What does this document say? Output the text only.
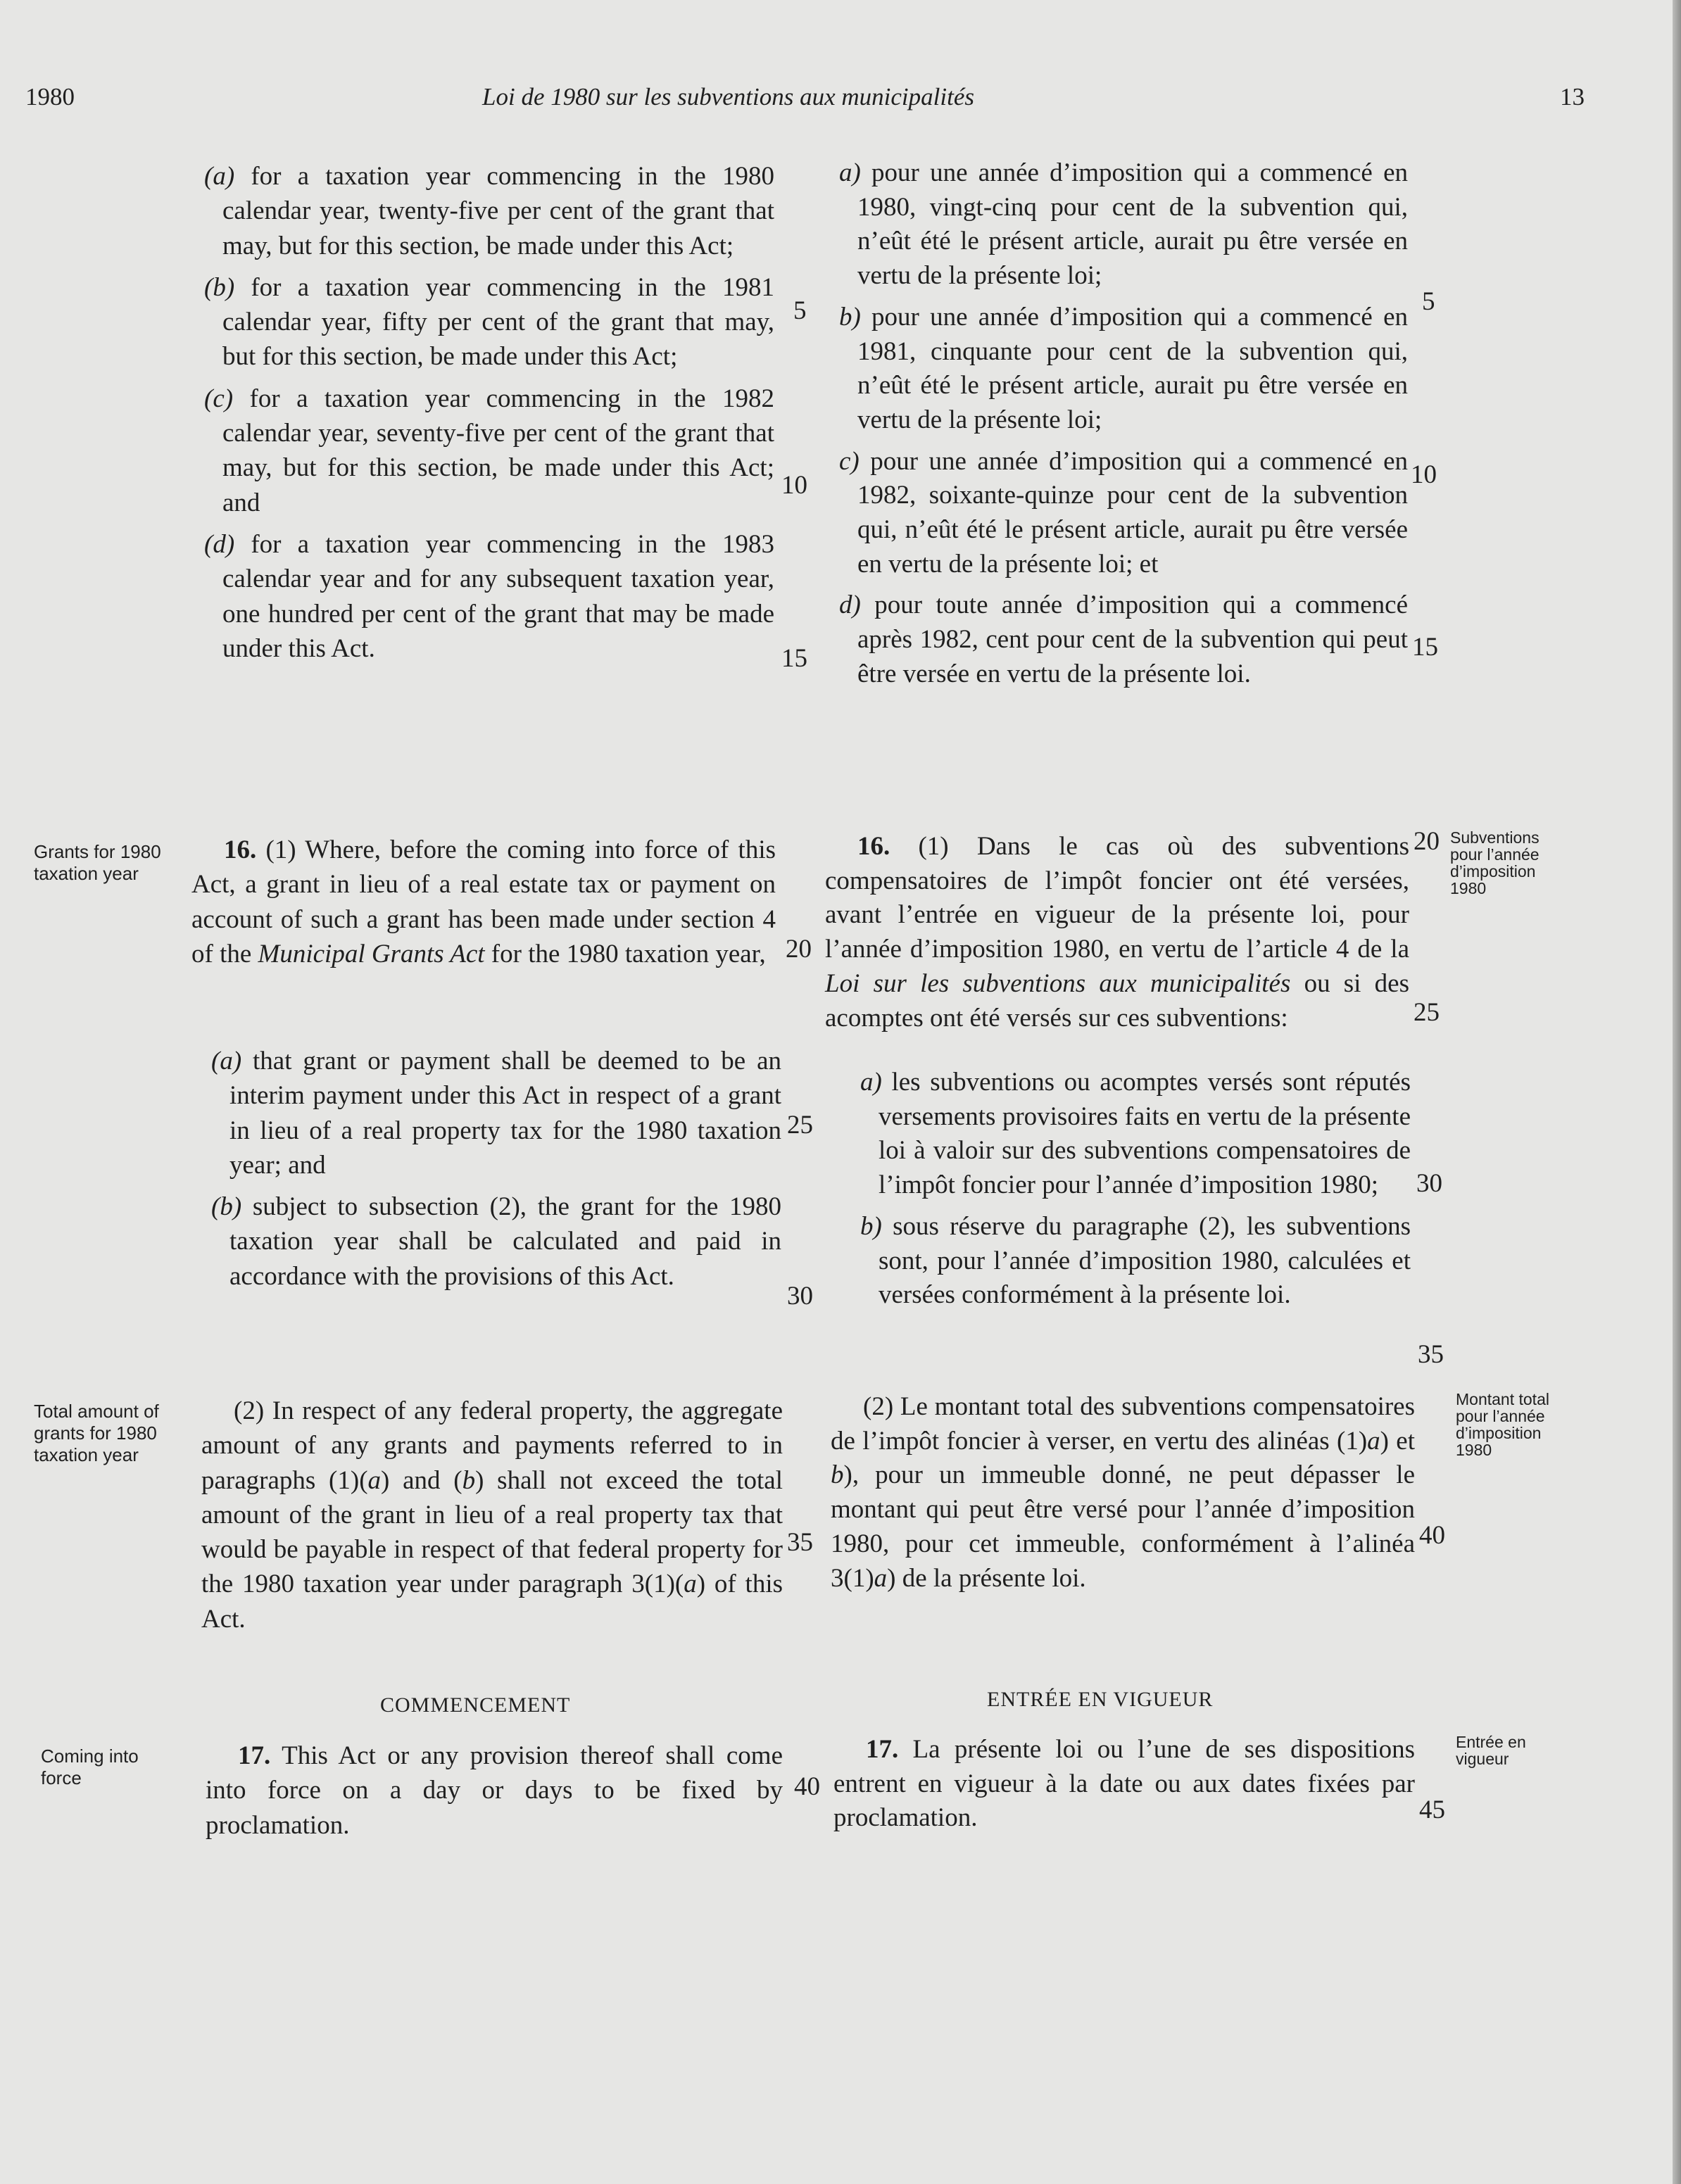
1980	Loi de 1980 sur les subventions aux municipalités	13

(a) for a taxation year commencing in the 1980 calendar year, twenty-five per cent of the grant that may, but for this section, be made under this Act;

(b) for a taxation year commencing in the 1981 calendar year, fifty per cent of the grant that may, but for this section, be made under this Act;

(c) for a taxation year commencing in the 1982 calendar year, seventy-five per cent of the grant that may, but for this section, be made under this Act; and

(d) for a taxation year commencing in the 1983 calendar year and for any subsequent taxation year, one hundred per cent of the grant that may be made under this Act.

a) pour une année d’imposition qui a commencé en 1980, vingt-cinq pour cent de la subvention qui, n’eût été le présent article, aurait pu être versée en vertu de la présente loi;

b) pour une année d’imposition qui a commencé en 1981, cinquante pour cent de la subvention qui, n’eût été le présent article, aurait pu être versée en vertu de la présente loi;

c) pour une année d’imposition qui a commencé en 1982, soixante-quinze pour cent de la subvention qui, n’eût été le présent article, aurait pu être versée en vertu de la présente loi; et

d) pour toute année d’imposition qui a commencé après 1982, cent pour cent de la subvention qui peut être versée en vertu de la présente loi.

16. (1) Where, before the coming into force of this Act, a grant in lieu of a real estate tax or payment on account of such a grant has been made under section 4 of the Municipal Grants Act for the 1980 taxation year,

(a) that grant or payment shall be deemed to be an interim payment under this Act in respect of a grant in lieu of a real property tax for the 1980 taxation year; and

(b) subject to subsection (2), the grant for the 1980 taxation year shall be calculated and paid in accordance with the provisions of this Act.

16. (1) Dans le cas où des subventions compensatoires de l’impôt foncier ont été versées, avant l’entrée en vigueur de la présente loi, pour l’année d’imposition 1980, en vertu de l’article 4 de la Loi sur les subventions aux municipalités ou si des acomptes ont été versés sur ces subventions:

a) les subventions ou acomptes versés sont réputés versements provisoires faits en vertu de la présente loi à valoir sur des subventions compensatoires de l’impôt foncier pour l’année d’imposition 1980;

b) sous réserve du paragraphe (2), les subventions sont, pour l’année d’imposition 1980, calculées et versées conformément à la présente loi.

(2) In respect of any federal property, the aggregate amount of any grants and payments referred to in paragraphs (1)(a) and (b) shall not exceed the total amount of the grant in lieu of a real property tax that would be payable in respect of that federal property for the 1980 taxation year under paragraph 3(1)(a) of this Act.
(2) Le montant total des subventions compensatoires de l’impôt foncier à verser, en vertu des alinéas (1)a) et b), pour un immeuble donné, ne peut dépasser le montant qui peut être versé pour l’année d’imposition 1980, pour cet immeuble, conformément à l’alinéa 3(1)a) de la présente loi.
COMMENCEMENT	ENTRÉE EN VIGUEUR
17. This Act or any provision thereof shall come into force on a day or days to be fixed by proclamation.
17. La présente loi ou l’une de ses dispositions entrent en vigueur à la date ou aux dates fixées par proclamation.
Grants for 1980 taxation year
Total amount of grants for 1980 taxation year
Coming into force
Subventions pour l’année d’imposition 1980
Montant total pour l’année d’imposition 1980
Entrée en vigueur
5
10
15
20
25
30
35
40
5
10
15
20
25
30
35
40
45
